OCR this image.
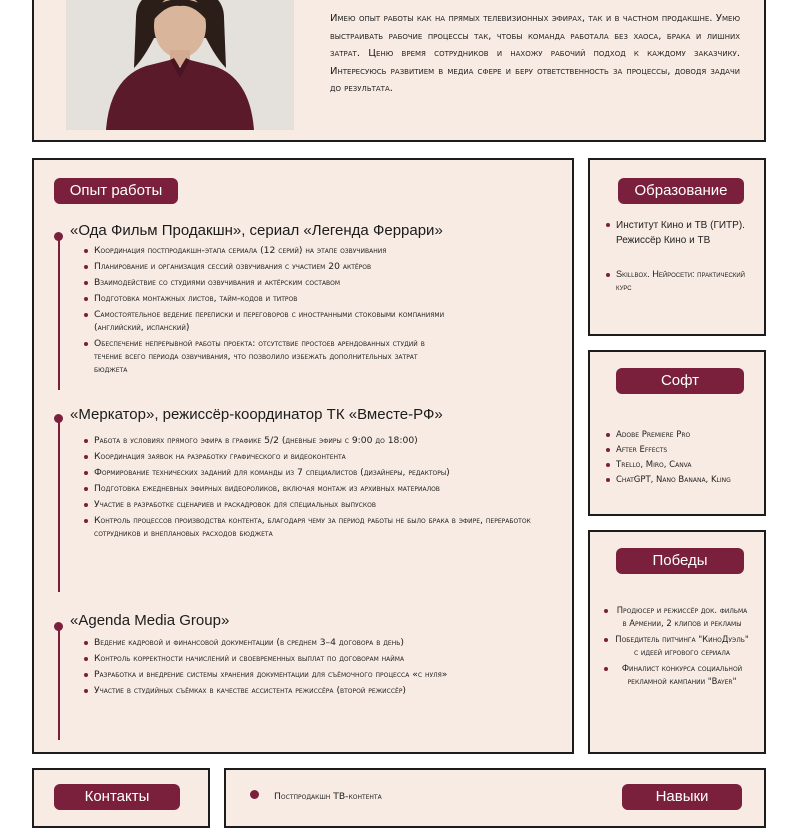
Имею опыт работы как на прямых телевизионных эфирах, так и в частном продакшне. Умею выстраивать рабочие процессы так, чтобы команда работала без хаоса, брака и лишних затрат. Ценю время сотрудников и нахожу рабочий подход к каждому заказчику. Интересуюсь развитием в медиа сфере и беру ответственность за процессы, доводя задачи до результата.
Опыт работы
«Ода Фильм Продакшн», сериал «Легенда Феррари»
Координация постпродакшн-этапа сериала (12 серий) на этапе озвучивания
Планирование и организация сессий озвучивания с участием 20 актёров
Взаимодействие со студиями озвучивания и актёрским составом
Подготовка монтажных листов, тайм-кодов и титров
Самостоятельное ведение переписки и переговоров с иностранными стоковыми компаниями (английский, испанский)
Обеспечение непрерывной работы проекта: отсутствие простоев арендованных студий в течение всего периода озвучивания, что позволило избежать дополнительных затрат бюджета
«Меркатор», режиссёр-координатор ТК «Вместе-РФ»
Работа в условиях прямого эфира в графике 5/2 (дневные эфиры с 9:00 до 18:00)
Координация заявок на разработку графического и видеоконтента
Формирование технических заданий для команды из 7 специалистов (дизайнеры, редакторы)
Подготовка ежедневных эфирных видеороликов, включая монтаж из архивных материалов
Участие в разработке сценариев и раскадровок для специальных выпусков
Контроль процессов производства контента, благодаря чему за период работы не было брака в эфире, переработок сотрудников и внеплановых расходов бюджета
«Agenda Media Group»
Ведение кадровой и финансовой документации (в среднем 3–4 договора в день)
Контроль корректности начислений и своевременных выплат по договорам найма
Разработка и внедрение системы хранения документации для съёмочного процесса «с нуля»
Участие в студийных съёмках в качестве ассистента режиссёра (второй режиссёр)
Образование
Институт Кино и ТВ (ГИТР). Режиссёр Кино и ТВ
Skillbox. Нейросети: практический курс
Софт
Adobe Premiere Pro
After Effects
Trello, Miro, Canva
ChatGPT, Nano Banana, Kling
Победы
Продюсер и режиссёр док. фильма в Армении, 2 клипов и рекламы
Победитель питчинга "КиноДуэль" с идеей игрового сериала
Финалист конкурса социальной рекламной кампании "Bayer"
Контакты	Постпродакшн ТВ-контента	Навыки
